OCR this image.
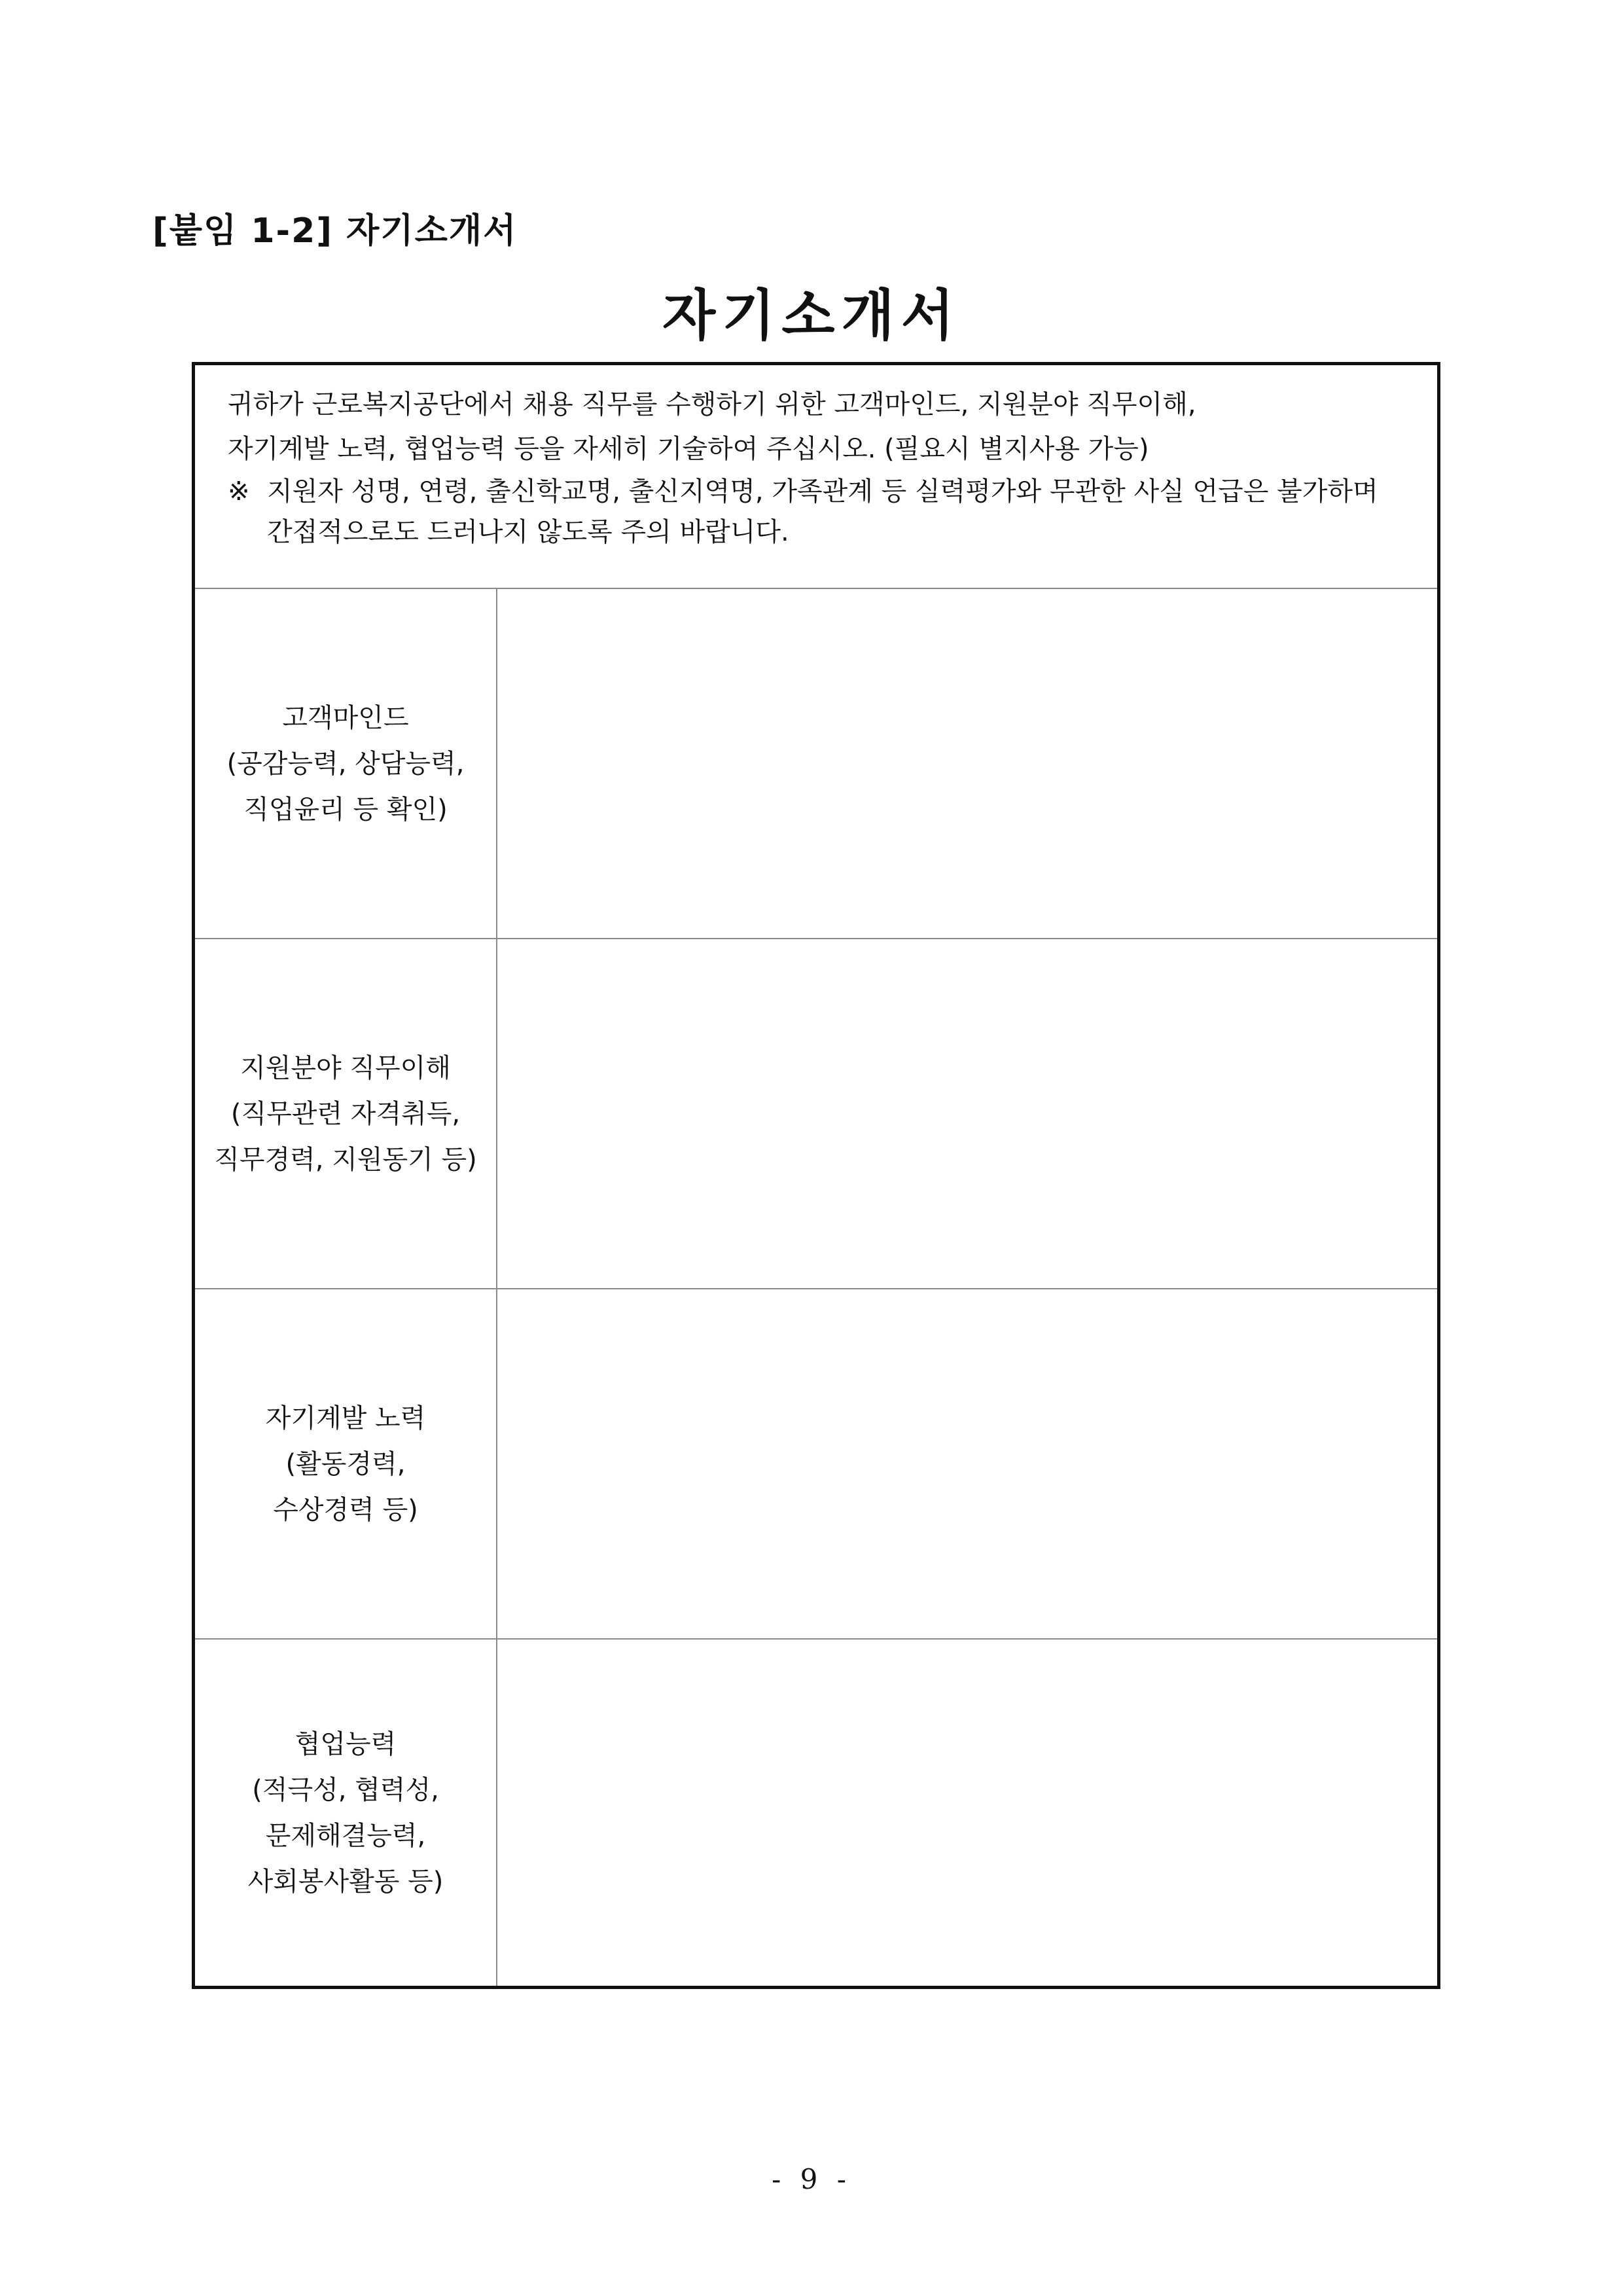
[붙임 1-2] 자기소개서
자기소개서
귀하가 근로복지공단에서 채용 직무를 수행하기 위한 고객마인드, 지원분야 직무이해,
자기계발 노력, 협업능력 등을 자세히 기술하여 주십시오. (필요시 별지사용 가능)
※ 지원자 성명, 연령, 출신학교명, 출신지역명, 가족관계 등 실력평가와 무관한 사실 언급은 불가하며 간접적으로도 드러나지 않도록 주의 바랍니다.
고객마인드
(공감능력, 상담능력,
직업윤리 등 확인)
지원분야 직무이해
(직무관련 자격취득,
직무경력, 지원동기 등)
자기계발 노력
(활동경력,
수상경력 등)
협업능력
(적극성, 협력성,
문제해결능력,
사회봉사활동 등)
- 9 -
